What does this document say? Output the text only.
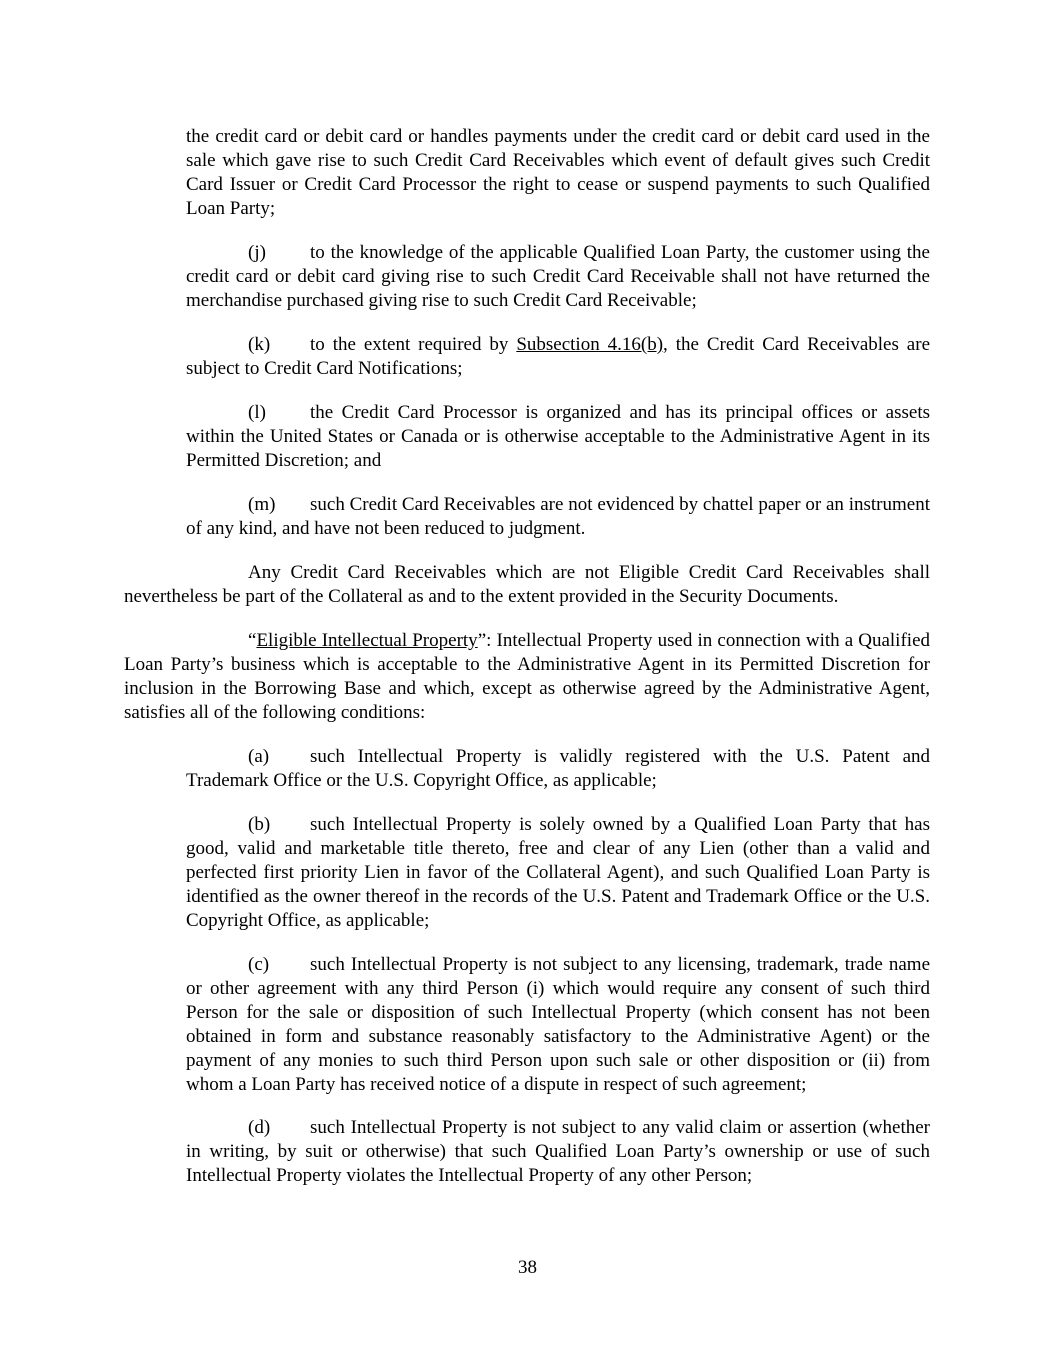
the credit card or debit card or handles payments under the credit card or debit card used in the sale which gave rise to such Credit Card Receivables which event of default gives such Credit Card Issuer or Credit Card Processor the right to cease or suspend payments to such Qualified Loan Party;

(j) to the knowledge of the applicable Qualified Loan Party, the customer using the credit card or debit card giving rise to such Credit Card Receivable shall not have returned the merchandise purchased giving rise to such Credit Card Receivable;

(k) to the extent required by Subsection 4.16(b), the Credit Card Receivables are subject to Credit Card Notifications;

(l) the Credit Card Processor is organized and has its principal offices or assets within the United States or Canada or is otherwise acceptable to the Administrative Agent in its Permitted Discretion; and

(m) such Credit Card Receivables are not evidenced by chattel paper or an instrument of any kind, and have not been reduced to judgment.

Any Credit Card Receivables which are not Eligible Credit Card Receivables shall nevertheless be part of the Collateral as and to the extent provided in the Security Documents.

“Eligible Intellectual Property”: Intellectual Property used in connection with a Qualified Loan Party’s business which is acceptable to the Administrative Agent in its Permitted Discretion for inclusion in the Borrowing Base and which, except as otherwise agreed by the Administrative Agent, satisfies all of the following conditions:

(a) such Intellectual Property is validly registered with the U.S. Patent and Trademark Office or the U.S. Copyright Office, as applicable;

(b) such Intellectual Property is solely owned by a Qualified Loan Party that has good, valid and marketable title thereto, free and clear of any Lien (other than a valid and perfected first priority Lien in favor of the Collateral Agent), and such Qualified Loan Party is identified as the owner thereof in the records of the U.S. Patent and Trademark Office or the U.S. Copyright Office, as applicable;

(c) such Intellectual Property is not subject to any licensing, trademark, trade name or other agreement with any third Person (i) which would require any consent of such third Person for the sale or disposition of such Intellectual Property (which consent has not been obtained in form and substance reasonably satisfactory to the Administrative Agent) or the payment of any monies to such third Person upon such sale or other disposition or (ii) from whom a Loan Party has received notice of a dispute in respect of such agreement;

(d) such Intellectual Property is not subject to any valid claim or assertion (whether in writing, by suit or otherwise) that such Qualified Loan Party’s ownership or use of such Intellectual Property violates the Intellectual Property of any other Person;

38
